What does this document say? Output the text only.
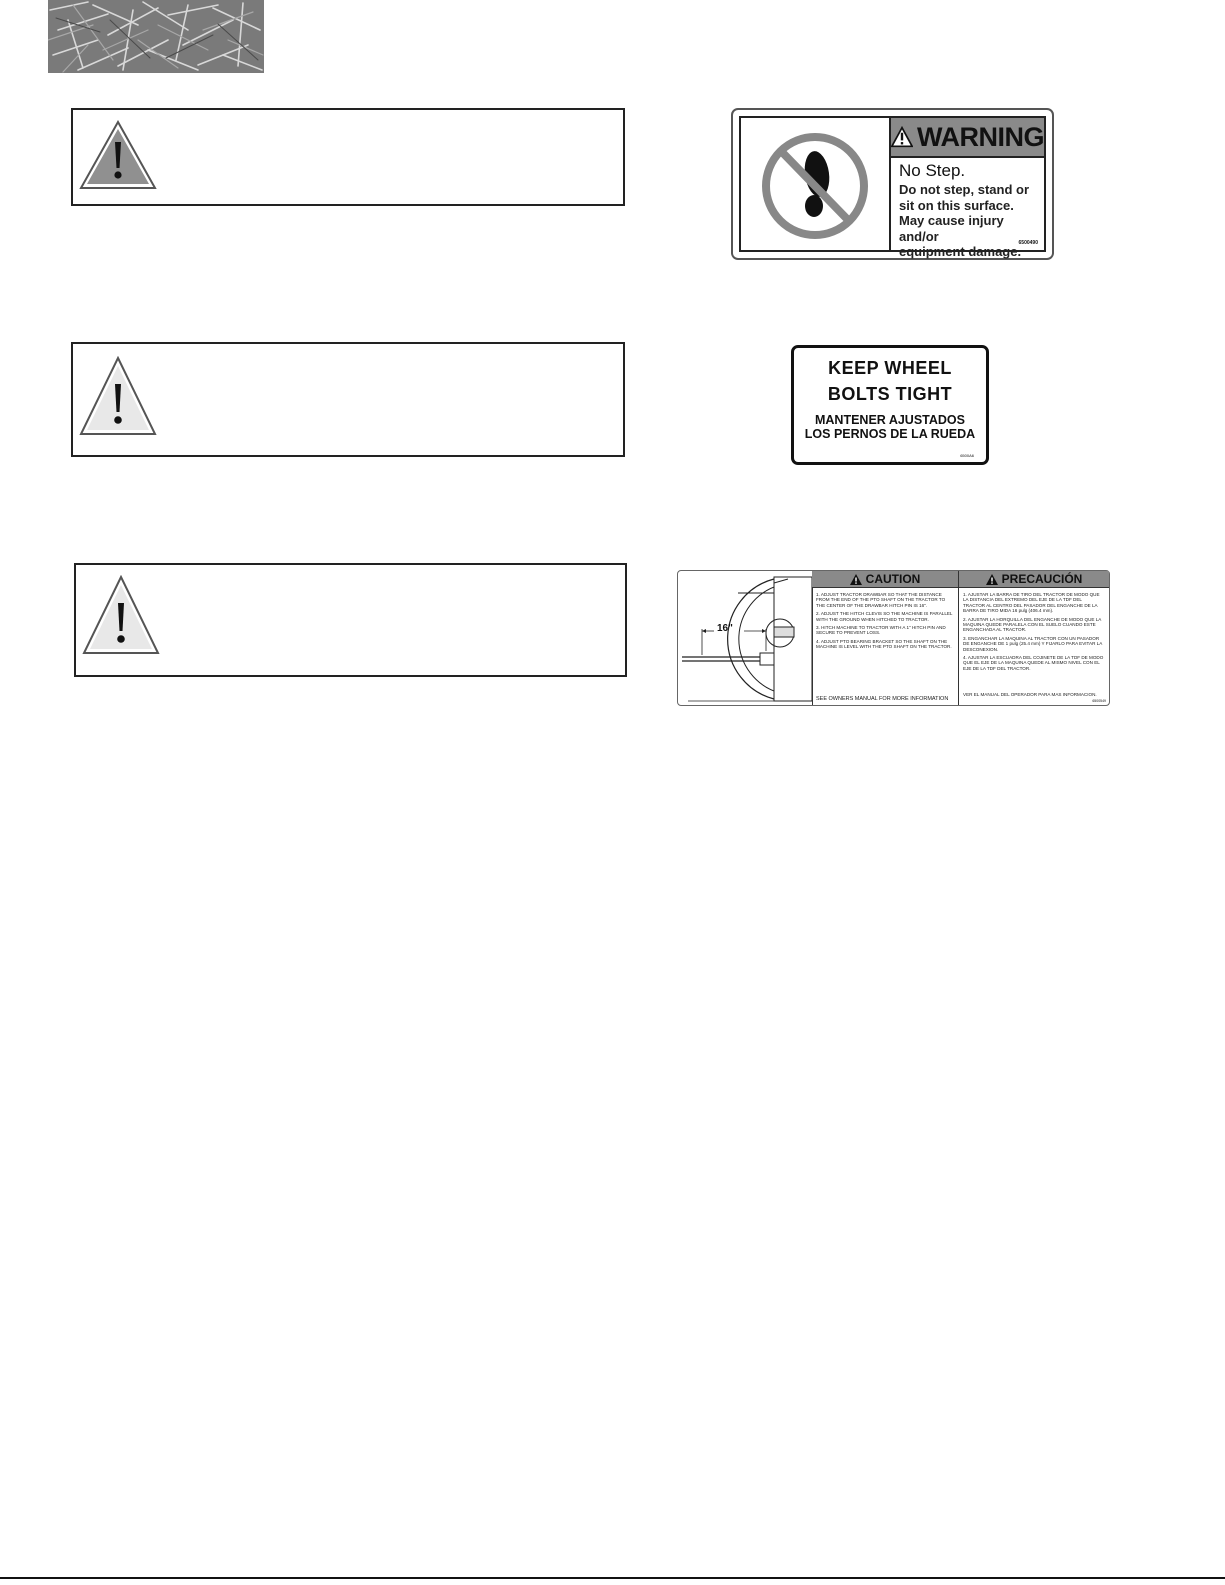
WARNING
No Step.
Do not step, stand or
sit on this surface.
May cause injury and/or
equipment damage.
6500490
KEEP WHEEL
BOLTS TIGHT
MANTENER AJUSTADOS
LOS PERNOS DE LA RUEDA
6500A6
16"
CAUTION
1. ADJUST TRACTOR DRAWBAR SO THAT THE DISTANCE FROM THE END OF THE PTO SHAFT ON THE TRACTOR TO THE CENTER OF THE DRAWBAR HITCH PIN IS 16".
2. ADJUST THE HITCH CLEVIS SO THE MACHINE IS PARALLEL WITH THE GROUND WHEN HITCHED TO TRACTOR.
3. HITCH MACHINE TO TRACTOR WITH A 1" HITCH PIN AND SECURE TO PREVENT LOSS.
4. ADJUST PTO BEARING BRACKET SO THE SHAFT ON THE MACHINE IS LEVEL WITH THE PTO SHAFT ON THE TRACTOR.
SEE OWNERS MANUAL FOR MORE INFORMATION
PRECAUCIÓN
1. AJUSTAR LA BARRA DE TIRO DEL TRACTOR DE MODO QUE LA DISTANCIA DEL EXTREMO DEL EJE DE LA TDF DEL TRACTOR AL CENTRO DEL PASADOR DEL ENGANCHE DE LA BARRA DE TIRO MIDA 16 pulg (406.4 mm).
2. AJUSTAR LA HORQUILLA DEL ENGANCHE DE MODO QUE LA MAQUINA QUEDE PARALELA CON EL SUELO CUANDO ESTE ENGANCHADA AL TRACTOR.
3. ENGANCHAR LA MAQUINA AL TRACTOR CON UN PASADOR DE ENGANCHE DE 1 pulg (25.4 mm) Y FIJARLO PARA EVITAR LA DESCONEXION.
4. AJUSTAR LA ESCUADRA DEL COJINETE DE LA TDF DE MODO QUE EL EJE DE LA MAQUINA QUEDE AL MISMO NIVEL CON EL EJE DE LA TDF DEL TRACTOR.
VER EL MANUAL DEL OPERADOR PARA MAS INFORMACION.
6500549
